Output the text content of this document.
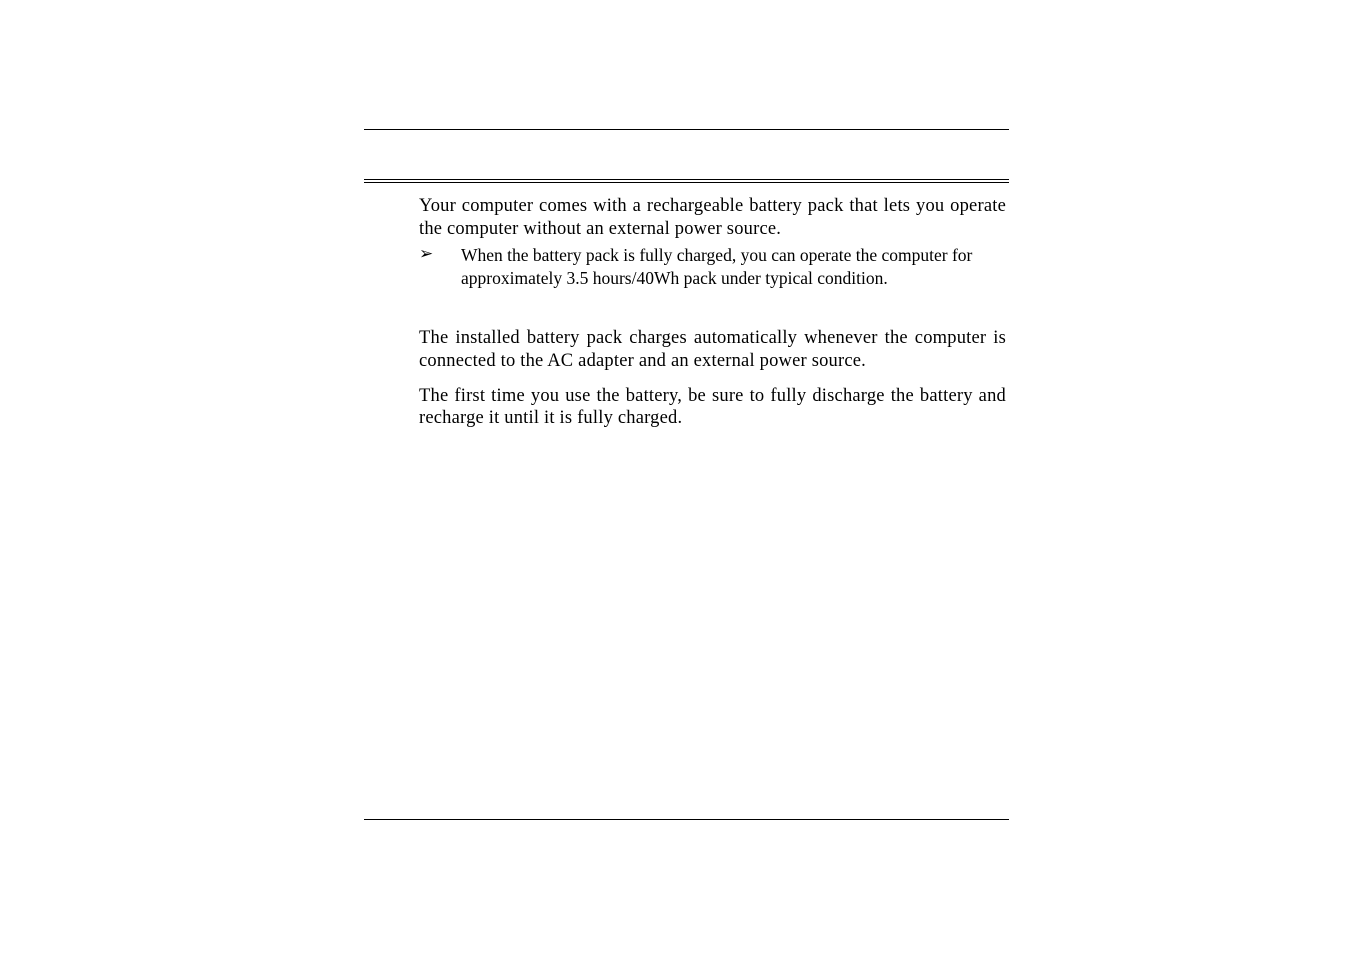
Your computer comes with a rechargeable battery pack that lets you operate the computer without an external power source.

➢ When the battery pack is fully charged, you can operate the computer for approximately 3.5 hours/40Wh pack under typical condition.

The installed battery pack charges automatically whenever the computer is connected to the AC adapter and an external power source.

The first time you use the battery, be sure to fully discharge the battery and recharge it until it is fully charged.
